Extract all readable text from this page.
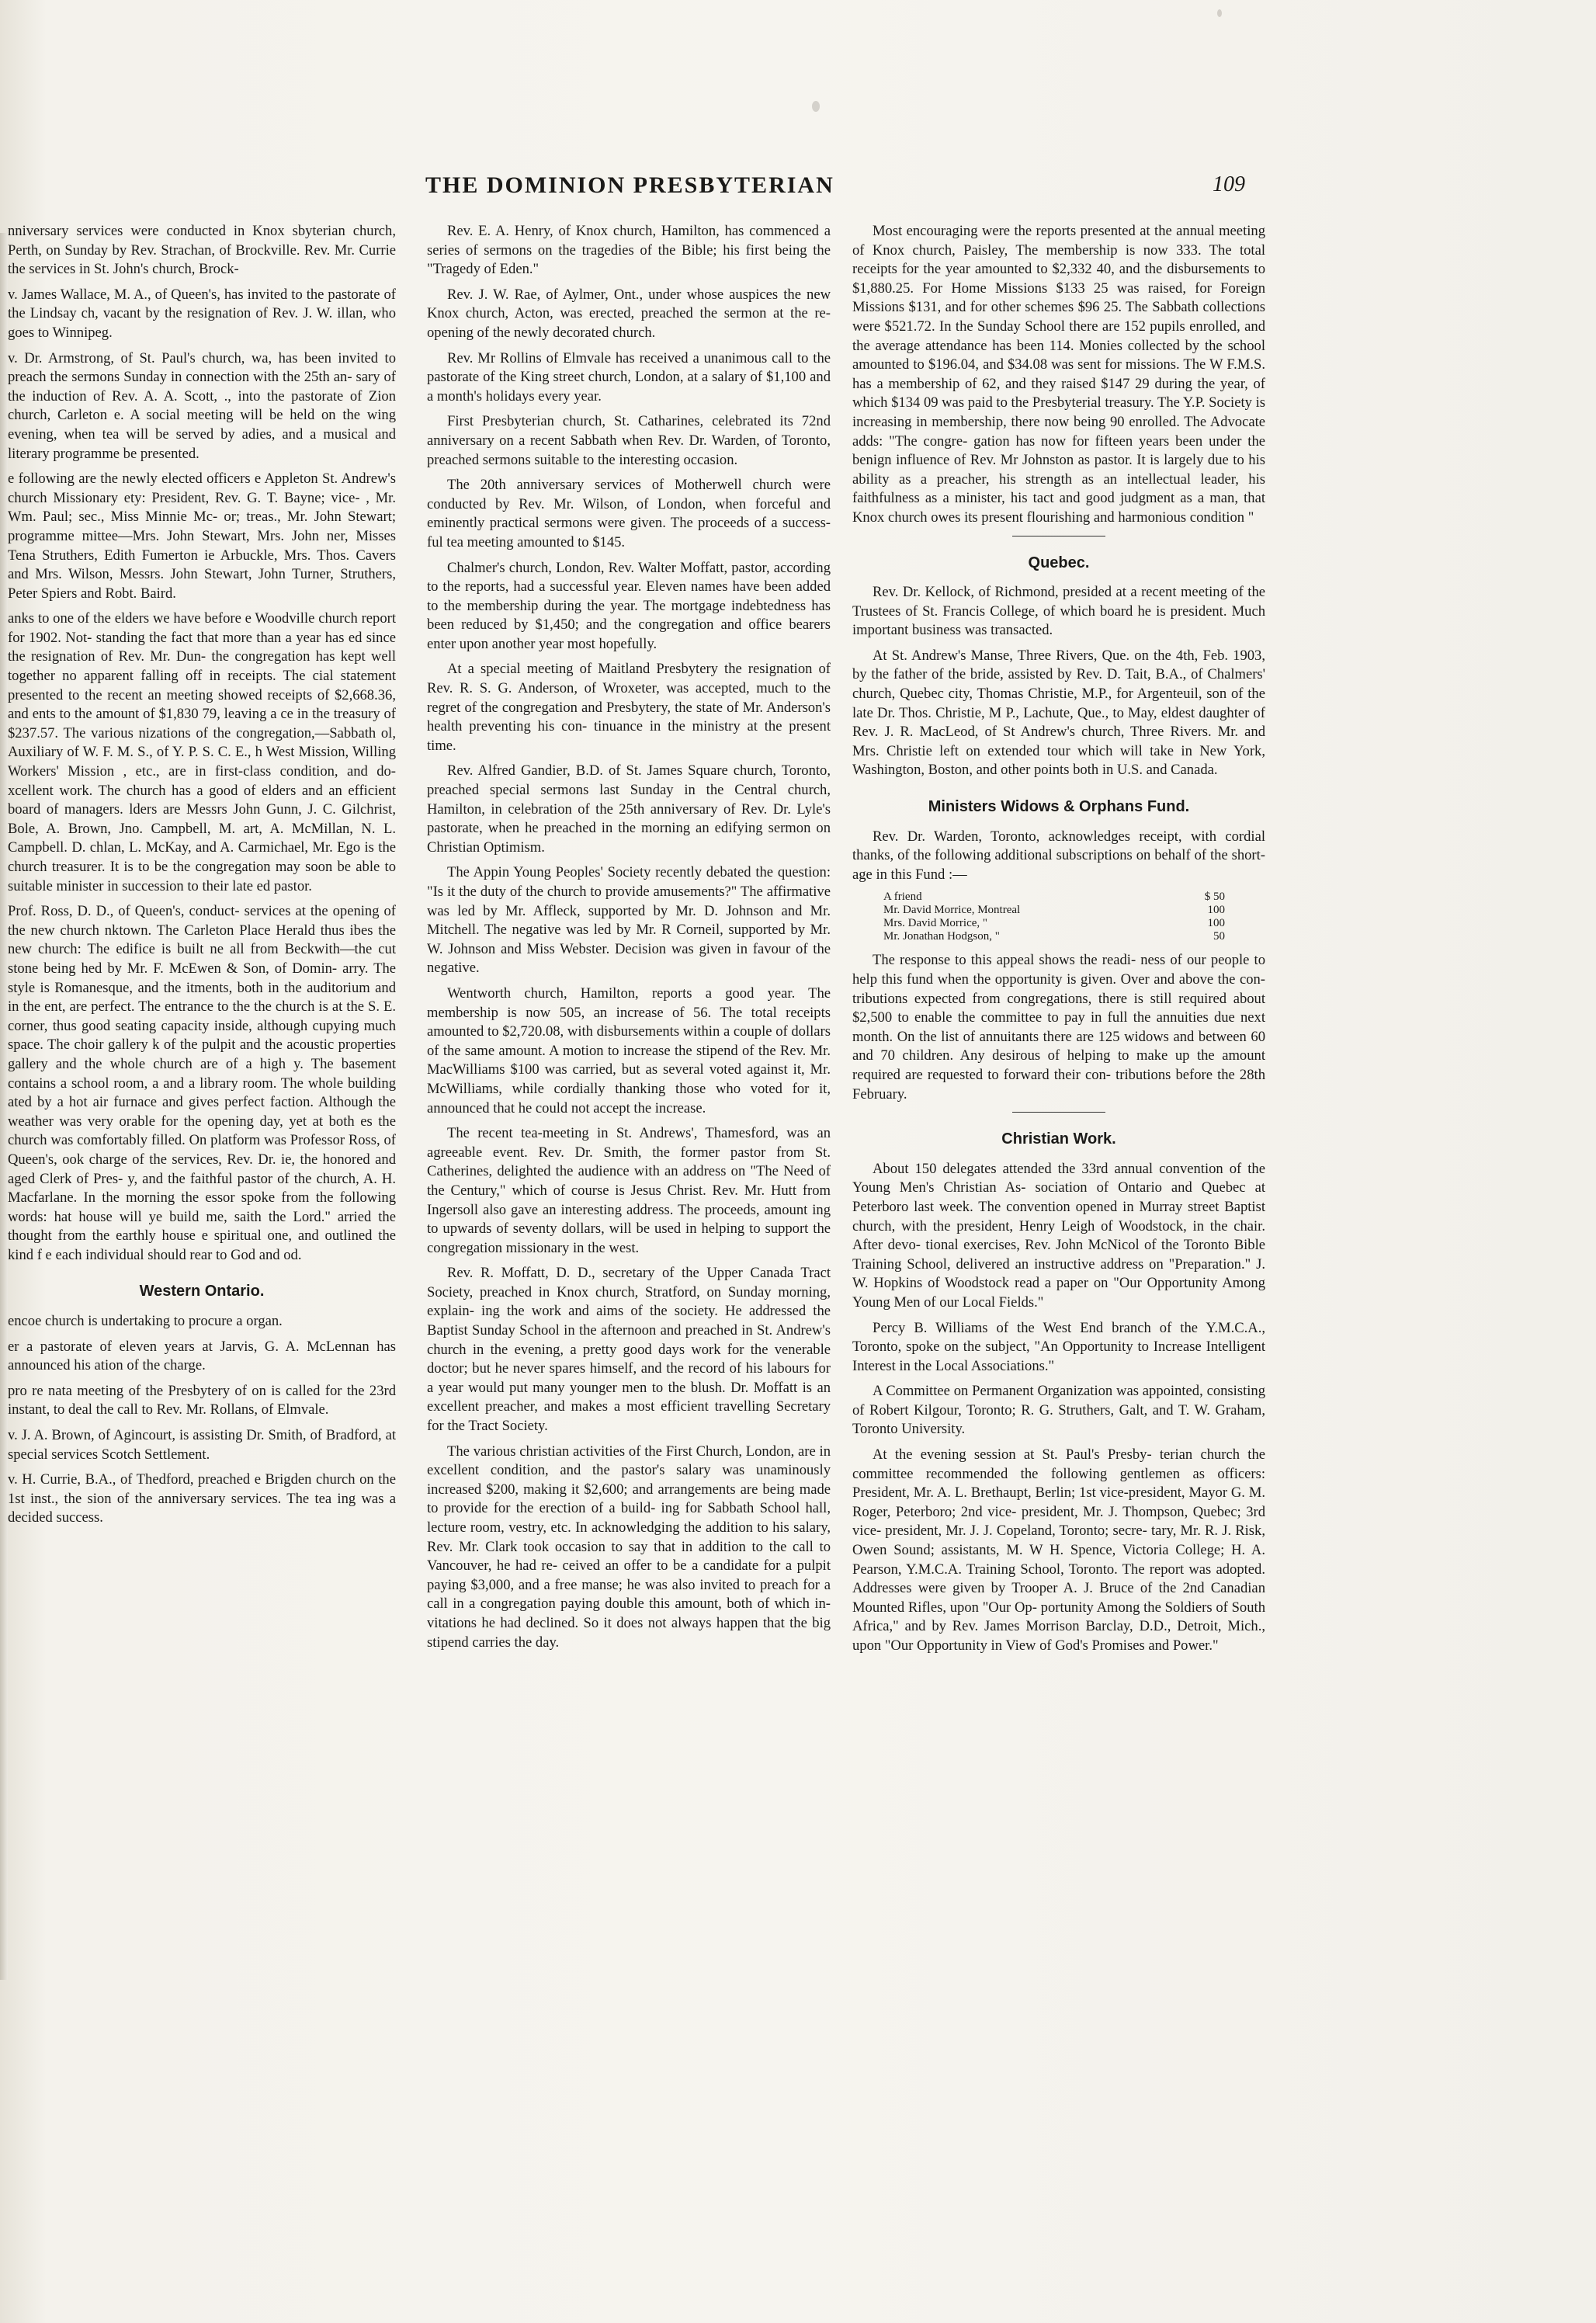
THE DOMINION PRESBYTERIAN	109

nniversary services were conducted in Knox sbyterian church, Perth, on Sunday by Rev. Strachan, of Brockville. Rev. Mr. Currie the services in St. John's church, Brock-

v. James Wallace, M. A., of Queen's, has invited to the pastorate of the Lindsay ch, vacant by the resignation of Rev. J. W. illan, who goes to Winnipeg.

v. Dr. Armstrong, of St. Paul's church, wa, has been invited to preach the sermons Sunday in connection with the 25th an- sary of the induction of Rev. A. A. Scott, ., into the pastorate of Zion church, Carleton e. A social meeting will be held on the wing evening, when tea will be served by adies, and a musical and literary programme be presented.

e following are the newly elected officers e Appleton St. Andrew's church Missionary ety: President, Rev. G. T. Bayne; vice- , Mr. Wm. Paul; sec., Miss Minnie Mc- or; treas., Mr. John Stewart; programme mittee—Mrs. John Stewart, Mrs. John ner, Misses Tena Struthers, Edith Fumerton ie Arbuckle, Mrs. Thos. Cavers and Mrs. Wilson, Messrs. John Stewart, John Turner, Struthers, Peter Spiers and Robt. Baird.

anks to one of the elders we have before e Woodville church report for 1902. Not- standing the fact that more than a year has ed since the resignation of Rev. Mr. Dun- the congregation has kept well together no apparent falling off in receipts. The cial statement presented to the recent an meeting showed receipts of $2,668.36, and ents to the amount of $1,830 79, leaving a ce in the treasury of $237.57. The various nizations of the congregation,—Sabbath ol, Auxiliary of W. F. M. S., of Y. P. S. C. E., h West Mission, Willing Workers' Mission , etc., are in first-class condition, and do- xcellent work. The church has a good of elders and an efficient board of managers. lders are Messrs John Gunn, J. C. Gilchrist, Bole, A. Brown, Jno. Campbell, M. art, A. McMillan, N. L. Campbell. D. chlan, L. McKay, and A. Carmichael, Mr. Ego is the church treasurer. It is to be the congregation may soon be able to suitable minister in succession to their late ed pastor.

Prof. Ross, D. D., of Queen's, conduct- services at the opening of the new church nktown. The Carleton Place Herald thus ibes the new church: The edifice is built ne all from Beckwith—the cut stone being hed by Mr. F. McEwen & Son, of Domin- arry. The style is Romanesque, and the itments, both in the auditorium and in the ent, are perfect. The entrance to the the church is at the S. E. corner, thus good seating capacity inside, although cupying much space. The choir gallery k of the pulpit and the acoustic properties gallery and the whole church are of a high y. The basement contains a school room, a and a library room. The whole building ated by a hot air furnace and gives perfect faction. Although the weather was very orable for the opening day, yet at both es the church was comfortably filled. On platform was Professor Ross, of Queen's, ook charge of the services, Rev. Dr. ie, the honored and aged Clerk of Pres- y, and the faithful pastor of the church, A. H. Macfarlane. In the morning the essor spoke from the following words: hat house will ye build me, saith the Lord." arried the thought from the earthly house e spiritual one, and outlined the kind f e each individual should rear to God and od.

Western Ontario.

encoe church is undertaking to procure a organ.

er a pastorate of eleven years at Jarvis, G. A. McLennan has announced his ation of the charge.

pro re nata meeting of the Presbytery of on is called for the 23rd instant, to deal the call to Rev. Mr. Rollans, of Elmvale.

v. J. A. Brown, of Agincourt, is assisting Dr. Smith, of Bradford, at special services Scotch Settlement.

v. H. Currie, B.A., of Thedford, preached e Brigden church on the 1st inst., the sion of the anniversary services. The tea ing was a decided success.

Rev. E. A. Henry, of Knox church, Hamilton, has commenced a series of sermons on the tragedies of the Bible; his first being the "Tragedy of Eden."

Rev. J. W. Rae, of Aylmer, Ont., under whose auspices the new Knox church, Acton, was erected, preached the sermon at the re-opening of the newly decorated church.

Rev. Mr Rollins of Elmvale has received a unanimous call to the pastorate of the King street church, London, at a salary of $1,100 and a month's holidays every year.

First Presbyterian church, St. Catharines, celebrated its 72nd anniversary on a recent Sabbath when Rev. Dr. Warden, of Toronto, preached sermons suitable to the interesting occasion.

The 20th anniversary services of Motherwell church were conducted by Rev. Mr. Wilson, of London, when forceful and eminently practical sermons were given. The proceeds of a success- ful tea meeting amounted to $145.

Chalmer's church, London, Rev. Walter Moffatt, pastor, according to the reports, had a successful year. Eleven names have been added to the membership during the year. The mortgage indebtedness has been reduced by $1,450; and the congregation and office bearers enter upon another year most hopefully.

At a special meeting of Maitland Presbytery the resignation of Rev. R. S. G. Anderson, of Wroxeter, was accepted, much to the regret of the congregation and Presbytery, the state of Mr. Anderson's health preventing his con- tinuance in the ministry at the present time.

Rev. Alfred Gandier, B.D. of St. James Square church, Toronto, preached special sermons last Sunday in the Central church, Hamilton, in celebration of the 25th anniversary of Rev. Dr. Lyle's pastorate, when he preached in the morning an edifying sermon on Christian Optimism.

The Appin Young Peoples' Society recently debated the question: "Is it the duty of the church to provide amusements?" The affirmative was led by Mr. Affleck, supported by Mr. D. Johnson and Mr. Mitchell. The negative was led by Mr. R Corneil, supported by Mr. W. Johnson and Miss Webster. Decision was given in favour of the negative.

Wentworth church, Hamilton, reports a good year. The membership is now 505, an increase of 56. The total receipts amounted to $2,720.08, with disbursements within a couple of dollars of the same amount. A motion to increase the stipend of the Rev. Mr. MacWilliams $100 was carried, but as several voted against it, Mr. McWilliams, while cordially thanking those who voted for it, announced that he could not accept the increase.

The recent tea-meeting in St. Andrews', Thamesford, was an agreeable event. Rev. Dr. Smith, the former pastor from St. Catherines, delighted the audience with an address on "The Need of the Century," which of course is Jesus Christ. Rev. Mr. Hutt from Ingersoll also gave an interesting address. The proceeds, amount ing to upwards of seventy dollars, will be used in helping to support the congregation missionary in the west.

Rev. R. Moffatt, D. D., secretary of the Upper Canada Tract Society, preached in Knox church, Stratford, on Sunday morning, explain- ing the work and aims of the society. He addressed the Baptist Sunday School in the afternoon and preached in St. Andrew's church in the evening, a pretty good days work for the venerable doctor; but he never spares himself, and the record of his labours for a year would put many younger men to the blush. Dr. Moffatt is an excellent preacher, and makes a most efficient travelling Secretary for the Tract Society.

The various christian activities of the First Church, London, are in excellent condition, and the pastor's salary was unaminously increased $200, making it $2,600; and arrangements are being made to provide for the erection of a build- ing for Sabbath School hall, lecture room, vestry, etc. In acknowledging the addition to his salary, Rev. Mr. Clark took occasion to say that in addition to the call to Vancouver, he had re- ceived an offer to be a candidate for a pulpit paying $3,000, and a free manse; he was also invited to preach for a call in a congregation paying double this amount, both of which in- vitations he had declined. So it does not always happen that the big stipend carries the day.

Most encouraging were the reports presented at the annual meeting of Knox church, Paisley, The membership is now 333. The total receipts for the year amounted to $2,332 40, and the disbursements to $1,880.25. For Home Missions $133 25 was raised, for Foreign Missions $131, and for other schemes $96 25. The Sabbath collections were $521.72. In the Sunday School there are 152 pupils enrolled, and the average attendance has been 114. Monies collected by the school amounted to $196.04, and $34.08 was sent for missions. The W F.M.S. has a membership of 62, and they raised $147 29 during the year, of which $134 09 was paid to the Presbyterial treasury. The Y.P. Society is increasing in membership, there now being 90 enrolled. The Advocate adds: "The congre- gation has now for fifteen years been under the benign influence of Rev. Mr Johnston as pastor. It is largely due to his ability as a preacher, his strength as an intellectual leader, his faithfulness as a minister, his tact and good judgment as a man, that Knox church owes its present flourishing and harmonious condition "

Quebec.

Rev. Dr. Kellock, of Richmond, presided at a recent meeting of the Trustees of St. Francis College, of which board he is president. Much important business was transacted.

At St. Andrew's Manse, Three Rivers, Que. on the 4th, Feb. 1903, by the father of the bride, assisted by Rev. D. Tait, B.A., of Chalmers' church, Quebec city, Thomas Christie, M.P., for Argenteuil, son of the late Dr. Thos. Christie, M P., Lachute, Que., to May, eldest daughter of Rev. J. R. MacLeod, of St Andrew's church, Three Rivers. Mr. and Mrs. Christie left on extended tour which will take in New York, Washington, Boston, and other points both in U.S. and Canada.

Ministers Widows & Orphans Fund.

Rev. Dr. Warden, Toronto, acknowledges receipt, with cordial thanks, of the following additional subscriptions on behalf of the short- age in this Fund :—

A friend	$ 50
Mr. David Morrice, Montreal	100
Mrs. David Morrice, "	100
Mr. Jonathan Hodgson, "	50

The response to this appeal shows the readi- ness of our people to help this fund when the opportunity is given. Over and above the con- tributions expected from congregations, there is still required about $2,500 to enable the committee to pay in full the annuities due next month. On the list of annuitants there are 125 widows and between 60 and 70 children. Any desirous of helping to make up the amount required are requested to forward their con- tributions before the 28th February.

Christian Work.

About 150 delegates attended the 33rd annual convention of the Young Men's Christian As- sociation of Ontario and Quebec at Peterboro last week. The convention opened in Murray street Baptist church, with the president, Henry Leigh of Woodstock, in the chair. After devo- tional exercises, Rev. John McNicol of the Toronto Bible Training School, delivered an instructive address on "Preparation." J. W. Hopkins of Woodstock read a paper on "Our Opportunity Among Young Men of our Local Fields."

Percy B. Williams of the West End branch of the Y.M.C.A., Toronto, spoke on the subject, "An Opportunity to Increase Intelligent Interest in the Local Associations."

A Committee on Permanent Organization was appointed, consisting of Robert Kilgour, Toronto; R. G. Struthers, Galt, and T. W. Graham, Toronto University.

At the evening session at St. Paul's Presby- terian church the committee recommended the following gentlemen as officers: President, Mr. A. L. Brethaupt, Berlin; 1st vice-president, Mayor G. M. Roger, Peterboro; 2nd vice- president, Mr. J. Thompson, Quebec; 3rd vice- president, Mr. J. J. Copeland, Toronto; secre- tary, Mr. R. J. Risk, Owen Sound; assistants, M. W H. Spence, Victoria College; H. A. Pearson, Y.M.C.A. Training School, Toronto. The report was adopted. Addresses were given by Trooper A. J. Bruce of the 2nd Canadian Mounted Rifles, upon "Our Op- portunity Among the Soldiers of South Africa," and by Rev. James Morrison Barclay, D.D., Detroit, Mich., upon "Our Opportunity in View of God's Promises and Power."
